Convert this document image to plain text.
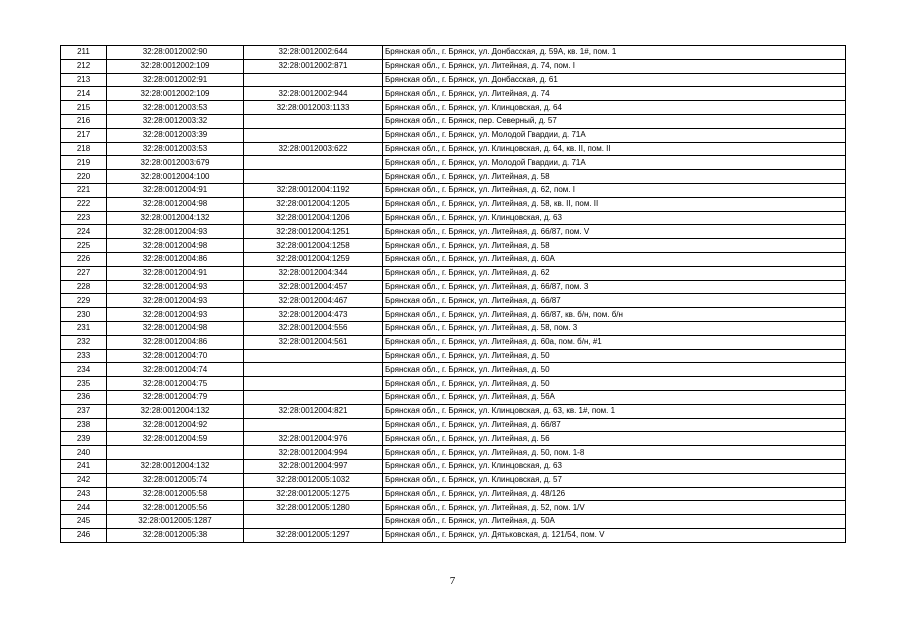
211	32:28:0012002:90	32:28:0012002:644	Брянская обл., г. Брянск, ул. Донбасская, д. 59А, кв. 1#, пом. 1
212	32:28:0012002:109	32:28:0012002:871	Брянская обл., г. Брянск, ул. Литейная, д. 74, пом. I
213	32:28:0012002:91		Брянская обл., г. Брянск, ул. Донбасская, д. 61
214	32:28:0012002:109	32:28:0012002:944	Брянская обл., г. Брянск, ул. Литейная, д. 74
215	32:28:0012003:53	32:28:0012003:1133	Брянская обл., г. Брянск, ул. Клинцовская, д. 64
216	32:28:0012003:32		Брянская обл., г. Брянск, пер. Северный, д. 57
217	32:28:0012003:39		Брянская обл., г. Брянск, ул. Молодой Гвардии, д. 71А
218	32:28:0012003:53	32:28:0012003:622	Брянская обл., г. Брянск, ул. Клинцовская, д. 64, кв. II, пом. II
219	32:28:0012003:679		Брянская обл., г. Брянск, ул. Молодой Гвардии, д. 71А
220	32:28:0012004:100		Брянская обл., г. Брянск, ул. Литейная, д. 58
221	32:28:0012004:91	32:28:0012004:1192	Брянская обл., г. Брянск, ул. Литейная, д. 62, пом. I
222	32:28:0012004:98	32:28:0012004:1205	Брянская обл., г. Брянск, ул. Литейная, д. 58, кв. II, пом. II
223	32:28:0012004:132	32:28:0012004:1206	Брянская обл., г. Брянск, ул. Клинцовская, д. 63
224	32:28:0012004:93	32:28:0012004:1251	Брянская обл., г. Брянск, ул. Литейная, д. 66/87, пом. V
225	32:28:0012004:98	32:28:0012004:1258	Брянская обл., г. Брянск, ул. Литейная, д. 58
226	32:28:0012004:86	32:28:0012004:1259	Брянская обл., г. Брянск, ул. Литейная, д. 60А
227	32:28:0012004:91	32:28:0012004:344	Брянская обл., г. Брянск, ул. Литейная, д. 62
228	32:28:0012004:93	32:28:0012004:457	Брянская обл., г. Брянск, ул. Литейная, д. 66/87, пом. 3
229	32:28:0012004:93	32:28:0012004:467	Брянская обл., г. Брянск, ул. Литейная, д. 66/87
230	32:28:0012004:93	32:28:0012004:473	Брянская обл., г. Брянск, ул. Литейная, д. 66/87, кв. б/н, пом. б/н
231	32:28:0012004:98	32:28:0012004:556	Брянская обл., г. Брянск, ул. Литейная, д. 58, пом. 3
232	32:28:0012004:86	32:28:0012004:561	Брянская обл., г. Брянск, ул. Литейная, д. 60а, пом. б/н, #1
233	32:28:0012004:70		Брянская обл., г. Брянск, ул. Литейная, д. 50
234	32:28:0012004:74		Брянская обл., г. Брянск, ул. Литейная, д. 50
235	32:28:0012004:75		Брянская обл., г. Брянск, ул. Литейная, д. 50
236	32:28:0012004:79		Брянская обл., г. Брянск, ул. Литейная, д. 56А
237	32:28:0012004:132	32:28:0012004:821	Брянская обл., г. Брянск, ул. Клинцовская, д. 63, кв. 1#, пом. 1
238	32:28:0012004:92		Брянская обл., г. Брянск, ул. Литейная, д. 66/87
239	32:28:0012004:59	32:28:0012004:976	Брянская обл., г. Брянск, ул. Литейная, д. 56
240		32:28:0012004:994	Брянская обл., г. Брянск, ул. Литейная, д. 50, пом. 1-8
241	32:28:0012004:132	32:28:0012004:997	Брянская обл., г. Брянск, ул. Клинцовская, д. 63
242	32:28:0012005:74	32:28:0012005:1032	Брянская обл., г. Брянск, ул. Клинцовская, д. 57
243	32:28:0012005:58	32:28:0012005:1275	Брянская обл., г. Брянск, ул. Литейная, д. 48/126
244	32:28:0012005:56	32:28:0012005:1280	Брянская обл., г. Брянск, ул. Литейная, д. 52, пом. 1/V
245	32:28:0012005:1287		Брянская обл., г. Брянск, ул. Литейная, д. 50А
246	32:28:0012005:38	32:28:0012005:1297	Брянская обл., г. Брянск, ул. Дятьковская, д. 121/54, пом. V
7
